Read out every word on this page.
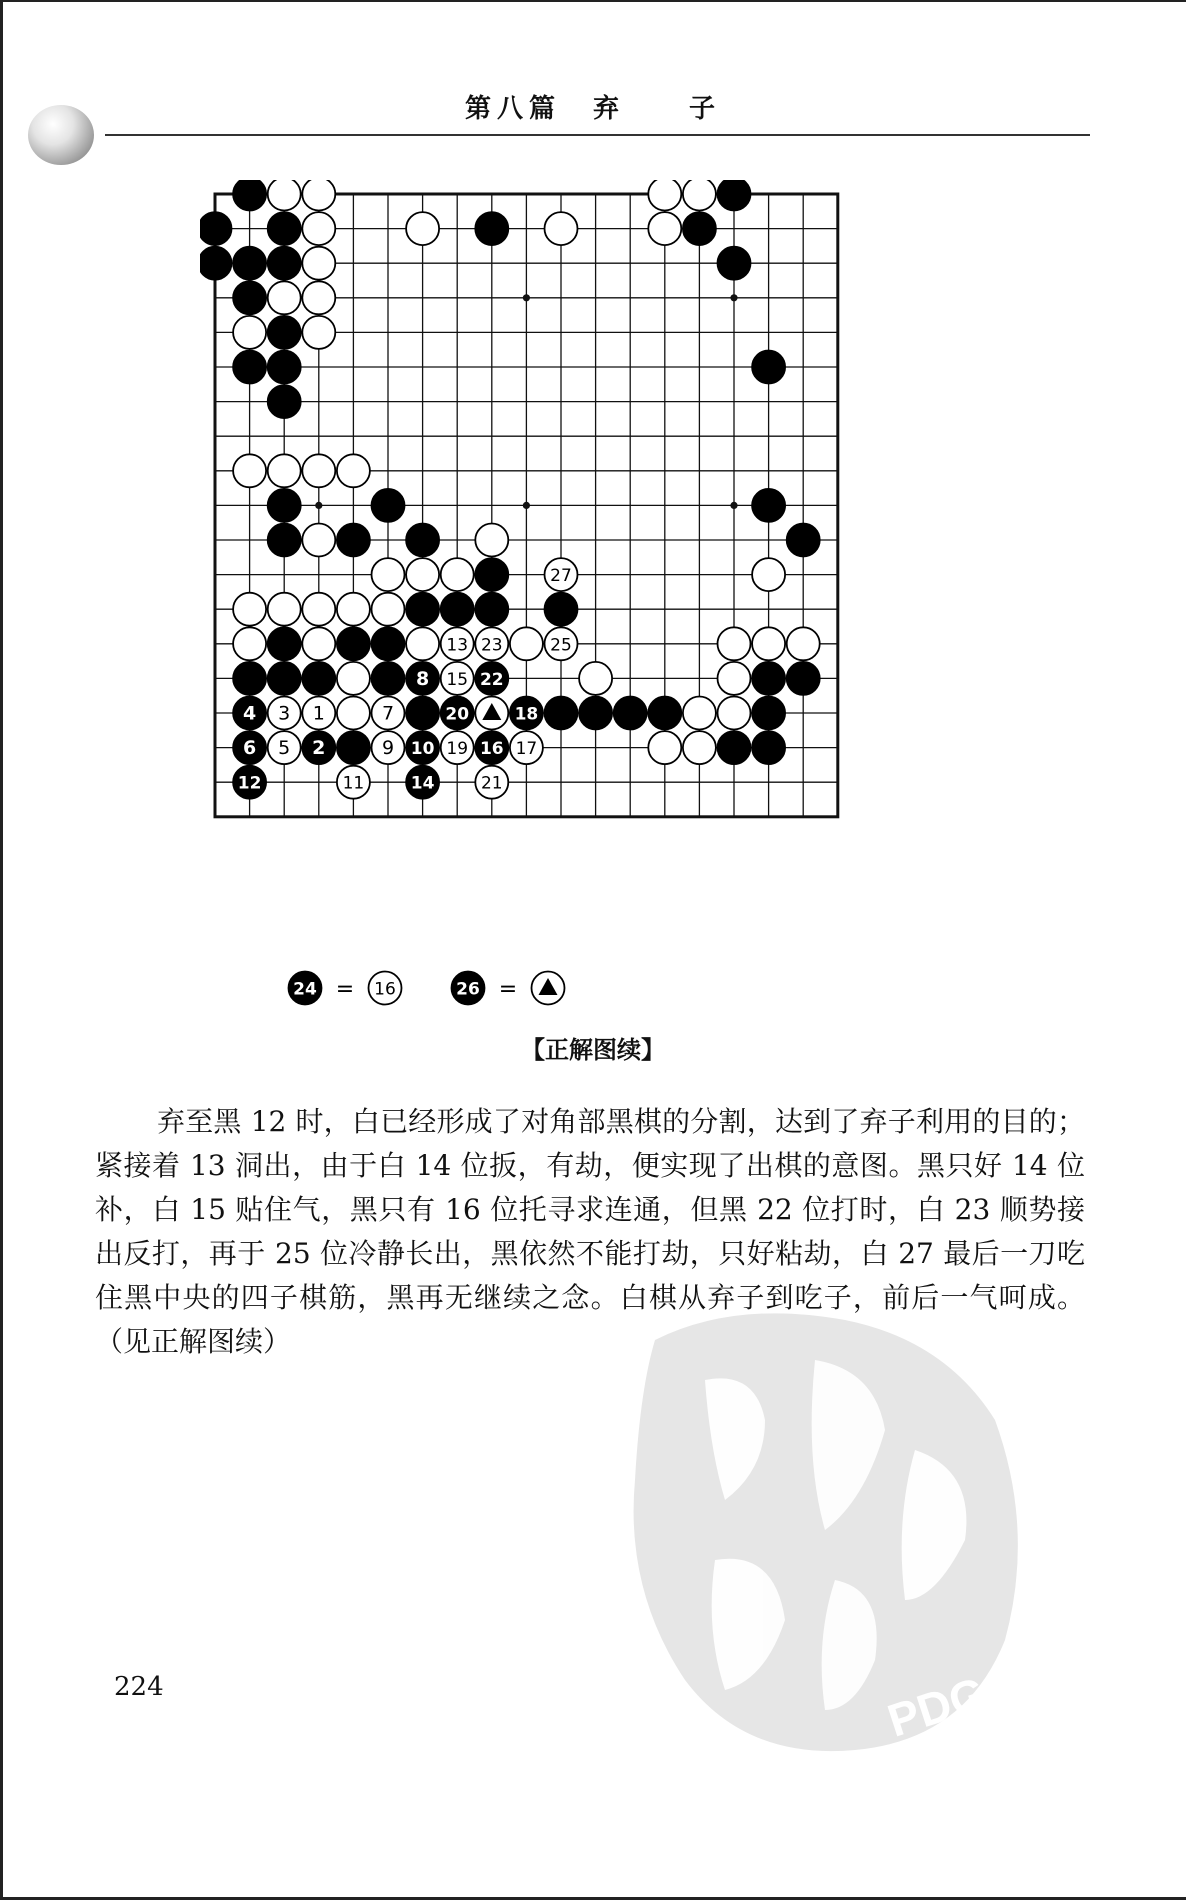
第八篇　弃　　子
27
13 23	25
8 15 22
4 3 1	7	20	18
6 5 2	9 10 19 16 17
12	11	14	21
24 = 16	26 =
【正解图续】

弃至黑 12 时，白已经形成了对角部黑棋的分割，达到了弃子利用的目的；紧接着 13 洞出，由于白 14 位扳，有劫，便实现了出棋的意图。黑只好 14 位补，白 15 贴住气，黑只有 16 位托寻求连通，但黑 22 位打时，白 23 顺势接出反打，再于 25 位冷静长出，黑依然不能打劫，只好粘劫，白 27 最后一刀吃住黑中央的四子棋筋，黑再无继续之念。白棋从弃子到吃子，前后一气呵成。（见正解图续）

224	PDG
